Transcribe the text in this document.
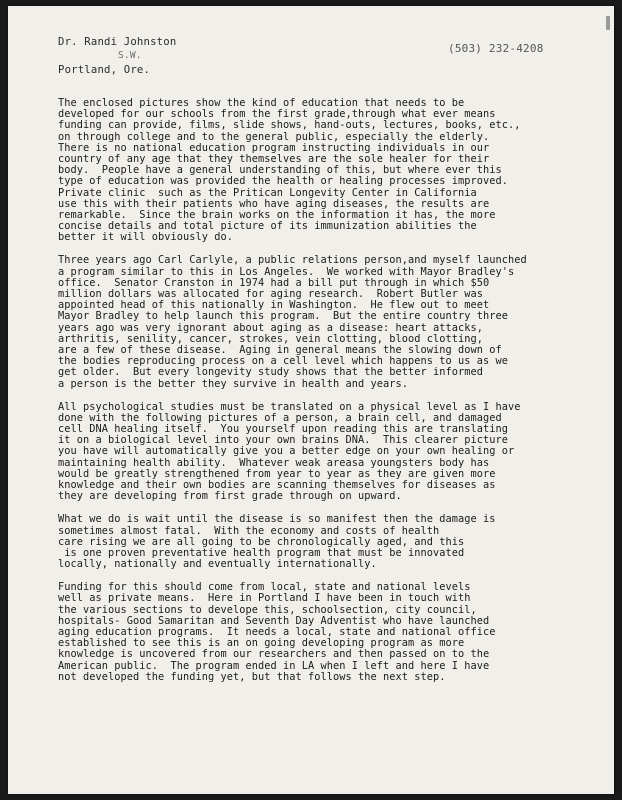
Dr. Randi Johnston
S.W.
Portland, Ore.
(503) 232-4208

The enclosed pictures show the kind of education that needs to be
developed for our schools from the first grade,through what ever means
funding can provide, films, slide shows, hand-outs, lectures, books, etc.,
on through college and to the general public, especially the elderly.
There is no national education program instructing individuals in our
country of any age that they themselves are the sole healer for their
body.  People have a general understanding of this, but where ever this
type of education was provided the health or healing processes improved.
Private clinic  such as the Pritican Longevity Center in California
use this with their patients who have aging diseases, the results are
remarkable.  Since the brain works on the information it has, the more
concise details and total picture of its immunization abilities the
better it will obviously do.

Three years ago Carl Carlyle, a public relations person,and myself launched
a program similar to this in Los Angeles.  We worked with Mayor Bradley's
office.  Senator Cranston in 1974 had a bill put through in which $50
million dollars was allocated for aging research.  Robert Butler was
appointed head of this nationally in Washington.  He flew out to meet
Mayor Bradley to help launch this program.  But the entire country three
years ago was very ignorant about aging as a disease: heart attacks,
arthritis, senility, cancer, strokes, vein clotting, blood clotting,
are a few of these disease.  Aging in general means the slowing down of
the bodies reproducing process on a cell level which happens to us as we
get older.  But every longevity study shows that the better informed
a person is the better they survive in health and years.

All psychological studies must be translated on a physical level as I have
done with the following pictures of a person, a brain cell, and damaged
cell DNA healing itself.  You yourself upon reading this are translating
it on a biological level into your own brains DNA.  This clearer picture
you have will automatically give you a better edge on your own healing or
maintaining health ability.  Whatever weak areasa youngsters body has
would be greatly strengthened from year to year as they are given more
knowledge and their own bodies are scanning themselves for diseases as
they are developing from first grade through on upward.

What we do is wait until the disease is so manifest then the damage is
sometimes almost fatal.  With the economy and costs of health
care rising we are all going to be chronologically aged, and this
is one proven preventative health program that must be innovated
locally, nationally and eventually internationally.

Funding for this should come from local, state and national levels
well as private means.  Here in Portland I have been in touch with
the various sections to develope this, schoolsection, city council,
hospitals- Good Samaritan and Seventh Day Adventist who have launched
aging education programs.  It needs a local, state and national office
established to see this is an on going developing program as more
knowledge is uncovered from our researchers and then passed on to the
American public.  The program ended in LA when I left and here I have
not developed the funding yet, but that follows the next step.
